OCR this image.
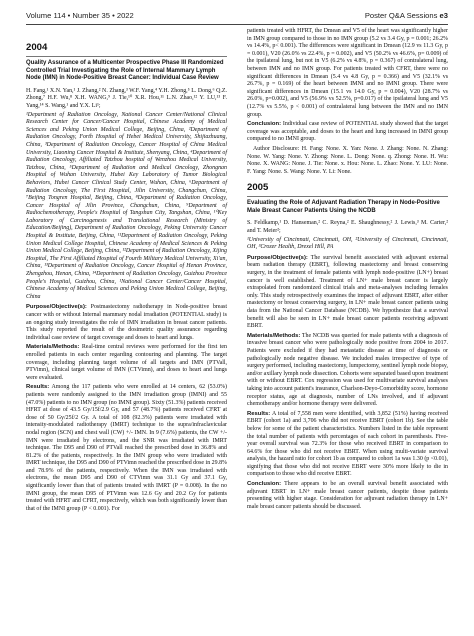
Volume 114 • Number 35 • 2022	Poster Q&A Sessions e3
2004
Quality Assurance of a Multicenter Prospective Phase III Randomized Controlled Trial Investigating the Role of Internal Mammary Lymph Node (IMN) in Node-Positive Breast Cancer: Individual Case Review
H. Fang,¹ X.N. Yan,¹ J. Zhang,² N. Zhang,³ W.F. Yang,⁴ Y.H. Zhong,⁵ L. Dong,⁶ Q.Z. Zhong,⁷ H.F. Wu,⁸ X.H. WANG,⁹ J. Tie,¹⁰ X.R. Hou,¹¹ L.N. Zhao,¹² Y. LU,¹³ F. Yang,¹⁴ S. Wang,¹ and Y.X. Li¹;
¹Department of Radiation Oncology, National Cancer Center/National Clinical Research Center for Cancer/Cancer Hospital, Chinese Academy of Medical Sciences and Peking Union Medical College, Beijing, China, ²Department of Radiation Oncology, Forth Hospital of Hebei Medical University, Shijiazhuang, China, ³Department of Radiation Oncology, Cancer Hospital of China Medical University, Liaoning Cancer Hospital & Institute, Shenyang, China, ⁴Department of Radiation Oncology, Affiliated Taizhou hospital of Wenzhou Medical University, Taizhou, China, ⁵Department of Radiation and Medical Oncology, Zhongnan Hospital of Wuhan University, Hubei Key Laboratory of Tumor Biological Behaviors, Hubei Cancer Clinical Study Center, Wuhan, China, ⁶Department of Radiation Oncology, The First Hospital, Jilin University, Changchun, China, ⁷Beijing Tongren Hospital, Beijing, China, ⁸Department of Radiation Oncology, Cancer Hospital of Jilin Province, Changchun, China, ⁹Department of Radiochemotherapy, People's Hospital of Tangshan City, Tangshan, China, ¹⁰Key Laboratory of Carcinogenesis and Translational Research (Ministry of Education/Beijing), Department of Radiation Oncology, Peking University Cancer Hospital & Institute, Beijing, China, ¹¹Department of Radiation Oncology, Peking Union Medical College Hospital, Chinese Academy of Medical Sciences & Peking Union Medical College, Beijing, China, ¹²Department of Radiation Oncology, Xijing Hospital, The First Affiliated Hospital of Fourth Military Medical University, Xi'an, China, ¹³Department of Radiation Oncology, Cancer Hospital of Henan Province, Zhengzhou, Henan, China, ¹⁴Department of Radiation Oncology, Guizhou Province People's Hospital, Guizhou, China, ¹National Cancer Center/Cancer Hospital, Chinese Academy of Medical Sciences and Peking Union Medical College, Beijing, China

Purpose/Objective(s): Postmastectomy radiotherapy in Node-positive breast cancer with or without Internal mammary nodal irradiation (POTENTIAL study) is an ongoing study investigates the role of IMN irradiation in breast cancer patients. This study reported the result of the dosimetric quality assurance regarding individual case review of target coverage and doses to heart and lungs.

Materials/Methods: Real-time central reviews were performed for the first ten enrolled patients in each center regarding contouring and planning. The target coverage, including planning target volume of all targets and IMN (PTVall, PTVimn), clinical target volume of IMN (CTVimn), and doses to heart and lungs were evaluated.

Results: Among the 117 patients who were enrolled at 14 centers, 62 (53.0%) patients were randomly assigned to the IMN irradiation group (IMNI) and 55 (47.0%) patients to no IMN group (no IMNI group). Sixty (51.3%) patients received HFRT at dose of 43.5 Gy/15f/2.9 Gy, and 57 (48.7%) patients received CFRT at dose of 50 Gy/25f/2 Gy. A total of 108 (92.3%) patients were irradiated with intensity-modulated radiotherapy (IMRT) technique to the supra/infraclavicular nodal region (SCN) and chest wall (CW) +/- IMN. In 9 (7.6%) patients, the CW +/-IMN were irradiated by electrons, and the SNR was irradiated with IMRT technique. The D95 and D90 of PTVall reached the prescribed dose in 36.8% and 81.2% of the patients, respectively. In the IMN group who were irradiated with IMRT technique, the D95 and D90 of PTVimn reached the prescribed dose in 29.8% and 78.9% of the patients, respectively. When the IMN was irradiated with electrons, the mean D95 and D90 of CTVimn was 31.1 Gy and 37.1 Gy, significantly lower than that of patients treated with IMRT (P = 0.008). In the no IMNI group, the mean D95 of PTVimn was 12.6 Gy and 20.2 Gy for patients treated with HFRT and CFRT, respectively, which was both significantly lower than that of the IMNI group (P < 0.001). For

patients treated with HFRT, the Dmean and V5 of the heart was significantly higher in IMN group compared to those in no IMN group (5.2 vs 3.4 Gy, p = 0.001; 26.2% vs 14.4%, p< 0.001). The differences were significant in Dmean (12.9 vs 11.3 Gy, p = 0.001), V20 (26.0% vs 22.4%, p = 0.002), and V5 (50.2% vs 46.6%, p= 0.009) of the ipsilateral lung, but not in V5 (6.2% vs 4.8%, p = 0.367) of contralateral lung, between IMN and no IMN group. For patients treated with CFRT, there were no significant differences in Dmean (5.4 vs 4.8 Gy, p = 0.366) and V5 (32.1% vs 26.7%, p = 0.169) of the heart between IMNI and no IMNI group. There were significant differences in Dmean (15.1 vs 14.0 Gy, p = 0.004), V20 (28.7% vs 26.0%, p=0.002), and V5 (56.9% vs 52.5%, p=0.017) of the ipsilateral lung and V5 (12.7% vs 5.5%, p < 0.001) of contralateral lung between the IMN and no IMN group.

Conclusion: Individual case review of POTENTIAL study showed that the target coverage was acceptable, and doses to the heart and lung increased in IMNI group compared to no IMNI group.

Author Disclosure: H. Fang: None. X. Yan: None. J. Zhang: None. N. Zhang: None. W. Yang: None. Y. Zhong: None. L. Dong: None. q. Zhong: None. H. Wu: None. X. WANG: None. J. Tie: None. x. Hou: None. L. Zhao: None. Y. LU: None. F. Yang: None. S. Wang: None. Y. Li: None.

2005
Evaluating the Role of Adjuvant Radiation Therapy in Node-Positive Male Breast Cancer Patients Using the NCDB
S. Feldkamp,¹ D. Hanseman,² C. Reyna,² E. Shaughnessy,² J. Lewis,³ M. Carter,² and T. Meier²;
¹University of Cincinnati, Cincinnati, OH, ²University of Cincinnati, Cincinnati, OH, ³Crozer Health, Drexel Hill, PA

Purpose/Objective(s): The survival benefit associated with adjuvant external beam radiation therapy (EBRT), following mastectomy and breast conserving surgery, in the treatment of female patients with lymph node-positive (LN+) breast cancer is well established. Treatment of LN+ male breast cancer is largely extrapolated from randomized clinical trials and meta-analyses including females only. This study retrospectively examines the impact of adjuvant EBRT, after either mastectomy or breast conserving surgery, in LN+ male breast cancer patients using data from the National Cancer Database (NCDB). We hypothesize that a survival benefit will also be seen in LN+ male breast cancer patients receiving adjuvant EBRT.

Materials/Methods: The NCDB was queried for male patients with a diagnosis of invasive breast cancer who were pathologically node positive from 2004 to 2017. Patients were excluded if they had metastatic disease at time of diagnosis or pathologically node negative disease. We included males irrespective of type of surgery performed, including mastectomy, lumpectomy, sentinel lymph node biopsy, and/or axillary lymph node dissection. Cohorts were separated based upon treatment with or without EBRT. Cox regression was used for multivariate survival analyses taking into account patient's insurance, Charlson-Deyo-Comorbidity score, hormone receptor status, age at diagnosis, number of LNs involved, and if adjuvant chemotherapy and/or hormone therapy were delivered.

Results: A total of 7,558 men were identified, with 3,852 (51%) having received EBRT (cohort 1a) and 3,706 who did not receive EBRT (cohort 1b). See the table below for some of the patient characteristics. Numbers listed in the table represent the total number of patients with percentages of each cohort in parenthesis. Five-year overall survival was 72.3% for those who received EBRT in comparison to 64.6% for those who did not receive EBRT. When using multi-variate survival analysis, the hazard ratio for cohort 1b as compared to cohort 1a was 1.30 (p <0.01), signifying that those who did not receive EBRT were 30% more likely to die in comparison to those who did receive EBRT.

Conclusion: There appears to be an overall survival benefit associated with adjuvant EBRT in LN+ male breast cancer patients, despite those patients presenting with higher stage. Consideration for adjuvant radiation therapy in LN+ male breast cancer patients should be discussed.
